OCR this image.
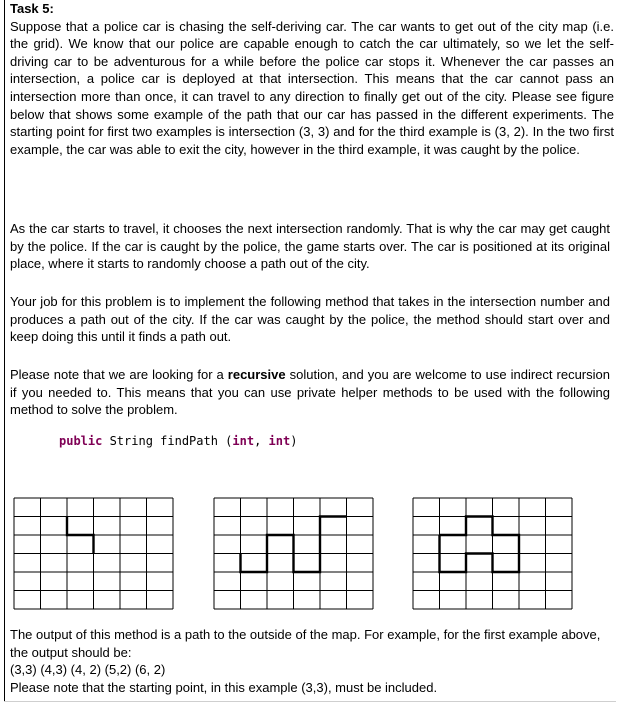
Task 5:

Suppose that a police car is chasing the self-deriving car. The car wants to get out of the city map (i.e. the grid). We know that our police are capable enough to catch the car ultimately, so we let the self-driving car to be adventurous for a while before the police car stops it. Whenever the car passes an intersection, a police car is deployed at that intersection. This means that the car cannot pass an intersection more than once, it can travel to any direction to finally get out of the city. Please see figure below that shows some example of the path that our car has passed in the different experiments. The starting point for first two examples is intersection (3, 3) and for the third example is (3, 2). In the two first example, the car was able to exit the city, however in the third example, it was caught by the police.

As the car starts to travel, it chooses the next intersection randomly. That is why the car may get caught by the police. If the car is caught by the police, the game starts over. The car is positioned at its original place, where it starts to randomly choose a path out of the city.

Your job for this problem is to implement the following method that takes in the intersection number and produces a path out of the city. If the car was caught by the police, the method should start over and keep doing this until it finds a path out.

Please note that we are looking for a recursive solution, and you are welcome to use indirect recursion if you needed to. This means that you can use private helper methods to be used with the following method to solve the problem.

public String findPath (int, int)

The output of this method is a path to the outside of the map. For example, for the first example above, the output should be:

(3,3) (4,3) (4, 2) (5,2) (6, 2)

Please note that the starting point, in this example (3,3), must be included.
